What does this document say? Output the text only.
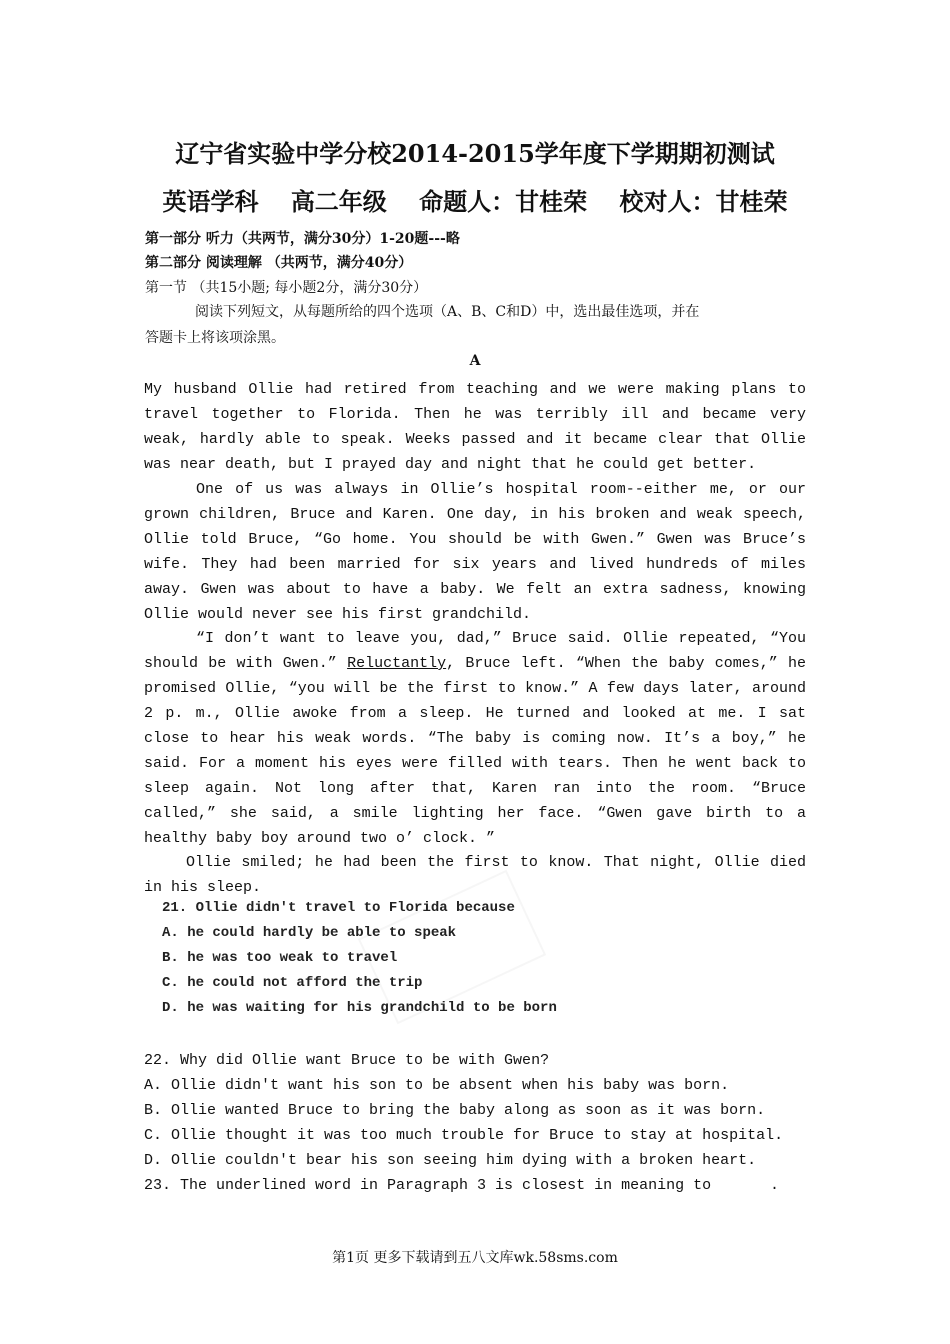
辽宁省实验中学分校2014-2015学年度下学期期初测试
英语学科 高二年级 命题人：甘桂荣 校对人：甘桂荣
第一部分 听力（共两节，满分30分）1-20题---略
第二部分 阅读理解 （共两节，满分40分）
第一节 （共15小题; 每小题2分，满分30分）
阅读下列短文，从每题所给的四个选项（A、B、C和D）中，选出最佳选项，并在
答题卡上将该项涂黑。
A

My husband Ollie had retired from teaching and we were making plans to travel together to Florida. Then he was terribly ill and became very weak, hardly able to speak. Weeks passed and it became clear that Ollie was near death, but I prayed day and night that he could get better.

One of us was always in Ollie’s hospital room--either me, or our grown children, Bruce and Karen. One day, in his broken and weak speech, Ollie told Bruce, “Go home. You should be with Gwen.” Gwen was Bruce’s wife. They had been married for six years and lived hundreds of miles away. Gwen was about to have a baby. We felt an extra sadness, knowing Ollie would never see his first grandchild.

“I don’t want to leave you, dad,” Bruce said. Ollie repeated, “You should be with Gwen.” Reluctantly, Bruce left. “When the baby comes,” he promised Ollie, “you will be the first to know.” A few days later, around 2 p. m., Ollie awoke from a sleep. He turned and looked at me. I sat close to hear his weak words. “The baby is coming now. It’s a boy,” he said. For a moment his eyes were filled with tears. Then he went back to sleep again. Not long after that, Karen ran into the room. “Bruce called,” she said, a smile lighting her face. “Gwen gave birth to a healthy baby boy around two o’ clock. ”

Ollie smiled; he had been the first to know. That night, Ollie died in his sleep.

21. Ollie didn't travel to Florida because
A. he could hardly be able to speak
B. he was too weak to travel
C. he could not afford the trip
D. he was waiting for his grandchild to be born
22. Why did Ollie want Bruce to be with Gwen?
A. Ollie didn't want his son to be absent when his baby was born.
B. Ollie wanted Bruce to bring the baby along as soon as it was born.
C. Ollie thought it was too much trouble for Bruce to stay at hospital.
D. Ollie couldn't bear his son seeing him dying with a broken heart.
23. The underlined word in Paragraph 3 is closest in meaning to	.
第1页 更多下载请到五八文库wk.58sms.com
